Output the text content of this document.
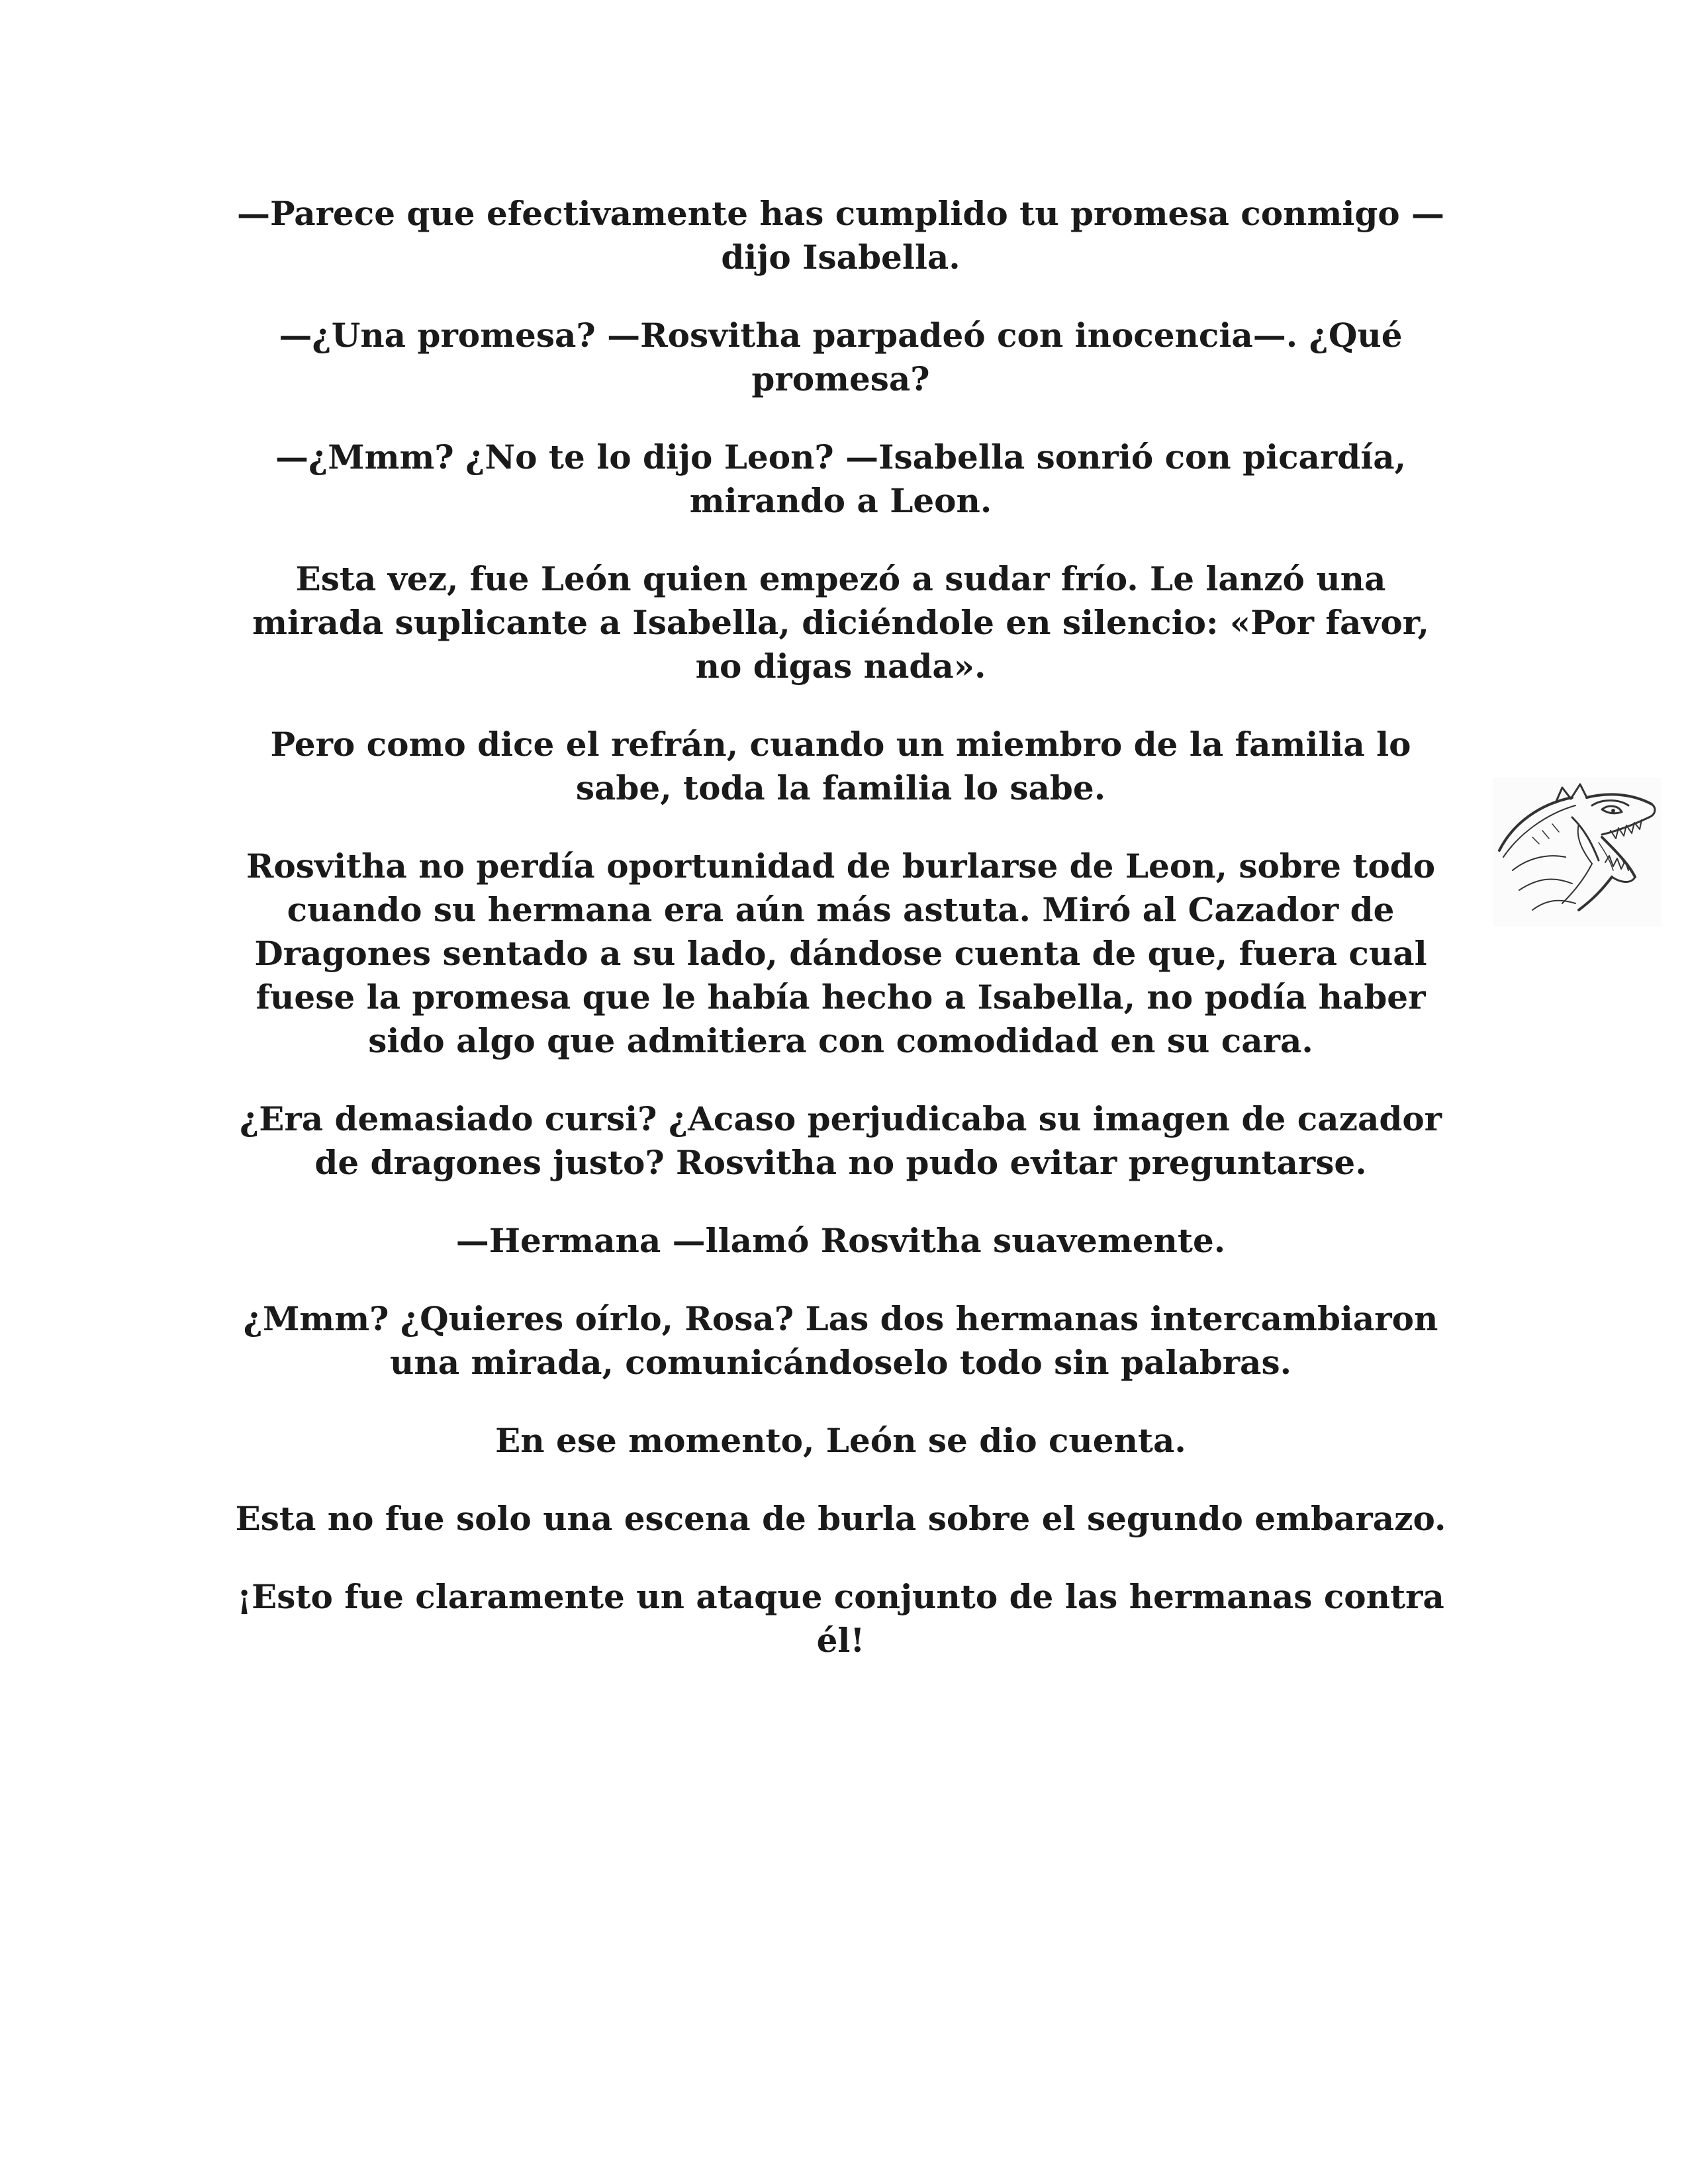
—Parece que efectivamente has cumplido tu promesa conmigo —dijo Isabella.

—¿Una promesa? —Rosvitha parpadeó con inocencia—. ¿Qué promesa?

—¿Mmm? ¿No te lo dijo Leon? —Isabella sonrió con picardía, mirando a Leon.

Esta vez, fue León quien empezó a sudar frío. Le lanzó una mirada suplicante a Isabella, diciéndole en silencio: «Por favor, no digas nada».

Pero como dice el refrán, cuando un miembro de la familia lo sabe, toda la familia lo sabe.

Rosvitha no perdía oportunidad de burlarse de Leon, sobre todo cuando su hermana era aún más astuta. Miró al Cazador de Dragones sentado a su lado, dándose cuenta de que, fuera cual fuese la promesa que le había hecho a Isabella, no podía haber sido algo que admitiera con comodidad en su cara.

¿Era demasiado cursi? ¿Acaso perjudicaba su imagen de cazador de dragones justo? Rosvitha no pudo evitar preguntarse.

—Hermana —llamó Rosvitha suavemente.

¿Mmm? ¿Quieres oírlo, Rosa? Las dos hermanas intercambiaron una mirada, comunicándoselo todo sin palabras.

En ese momento, León se dio cuenta.

Esta no fue solo una escena de burla sobre el segundo embarazo.

¡Esto fue claramente un ataque conjunto de las hermanas contra él!
